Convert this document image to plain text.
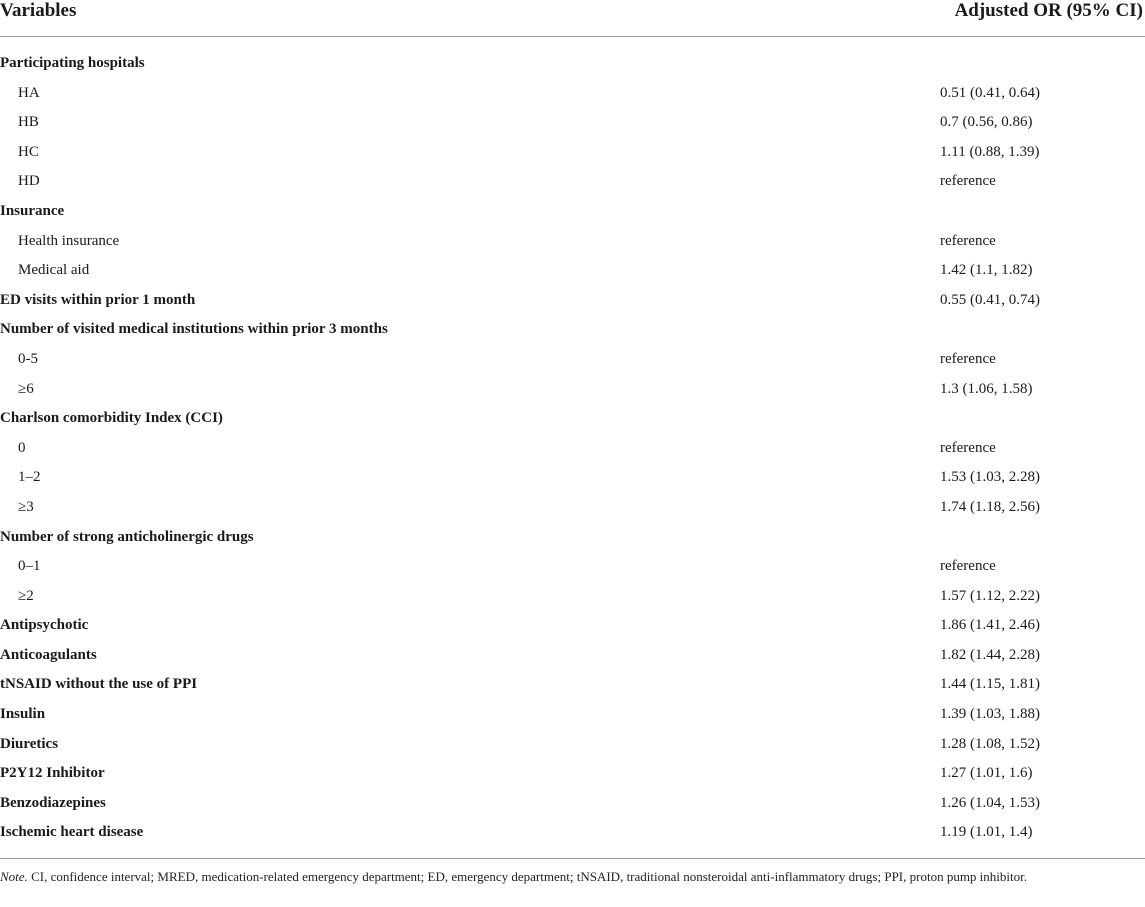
Variables	Adjusted OR (95% CI)
Participating hospitals
HA	0.51 (0.41, 0.64)
HB	0.7 (0.56, 0.86)
HC	1.11 (0.88, 1.39)
HD	reference
Insurance
Health insurance	reference
Medical aid	1.42 (1.1, 1.82)
ED visits within prior 1 month	0.55 (0.41, 0.74)
Number of visited medical institutions within prior 3 months
0-5	reference
≥6	1.3 (1.06, 1.58)
Charlson comorbidity Index (CCI)
0	reference
1–2	1.53 (1.03, 2.28)
≥3	1.74 (1.18, 2.56)
Number of strong anticholinergic drugs
0–1	reference
≥2	1.57 (1.12, 2.22)
Antipsychotic	1.86 (1.41, 2.46)
Anticoagulants	1.82 (1.44, 2.28)
tNSAID without the use of PPI	1.44 (1.15, 1.81)
Insulin	1.39 (1.03, 1.88)
Diuretics	1.28 (1.08, 1.52)
P2Y12 Inhibitor	1.27 (1.01, 1.6)
Benzodiazepines	1.26 (1.04, 1.53)
Ischemic heart disease	1.19 (1.01, 1.4)
Note. CI, confidence interval; MRED, medication-related emergency department; ED, emergency department; tNSAID, traditional nonsteroidal anti-inflammatory drugs; PPI, proton pump inhibitor.
